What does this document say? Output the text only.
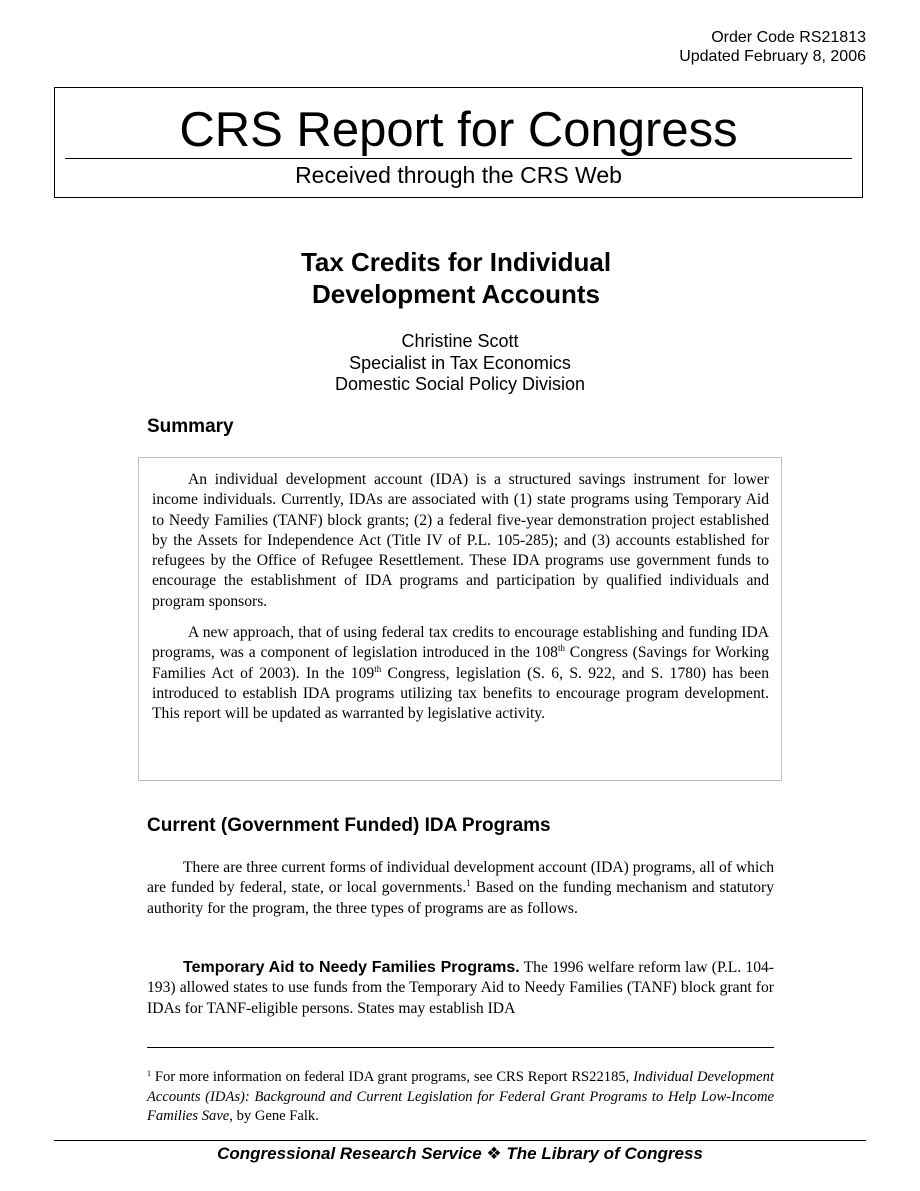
Order Code RS21813
Updated February 8, 2006
CRS Report for Congress
Received through the CRS Web
Tax Credits for Individual
Development Accounts
Christine Scott
Specialist in Tax Economics
Domestic Social Policy Division
Summary

An individual development account (IDA) is a structured savings instrument for lower income individuals. Currently, IDAs are associated with (1) state programs using Temporary Aid to Needy Families (TANF) block grants; (2) a federal five-year demonstration project established by the Assets for Independence Act (Title IV of P.L. 105-285); and (3) accounts established for refugees by the Office of Refugee Resettlement. These IDA programs use government funds to encourage the establishment of IDA programs and participation by qualified individuals and program sponsors.

A new approach, that of using federal tax credits to encourage establishing and funding IDA programs, was a component of legislation introduced in the 108th Congress (Savings for Working Families Act of 2003). In the 109th Congress, legislation (S. 6, S. 922, and S. 1780) has been introduced to establish IDA programs utilizing tax benefits to encourage program development. This report will be updated as warranted by legislative activity.

Current (Government Funded) IDA Programs

There are three current forms of individual development account (IDA) programs, all of which are funded by federal, state, or local governments.$^1$ Based on the funding mechanism and statutory authority for the program, the three types of programs are as follows.

Temporary Aid to Needy Families Programs. The 1996 welfare reform law (P.L. 104-193) allowed states to use funds from the Temporary Aid to Needy Families (TANF) block grant for IDAs for TANF-eligible persons. States may establish IDA

$^1$ For more information on federal IDA grant programs, see CRS Report RS22185, Individual Development Accounts (IDAs): Background and Current Legislation for Federal Grant Programs to Help Low-Income Families Save, by Gene Falk.
Congressional Research Service ❖ The Library of Congress
